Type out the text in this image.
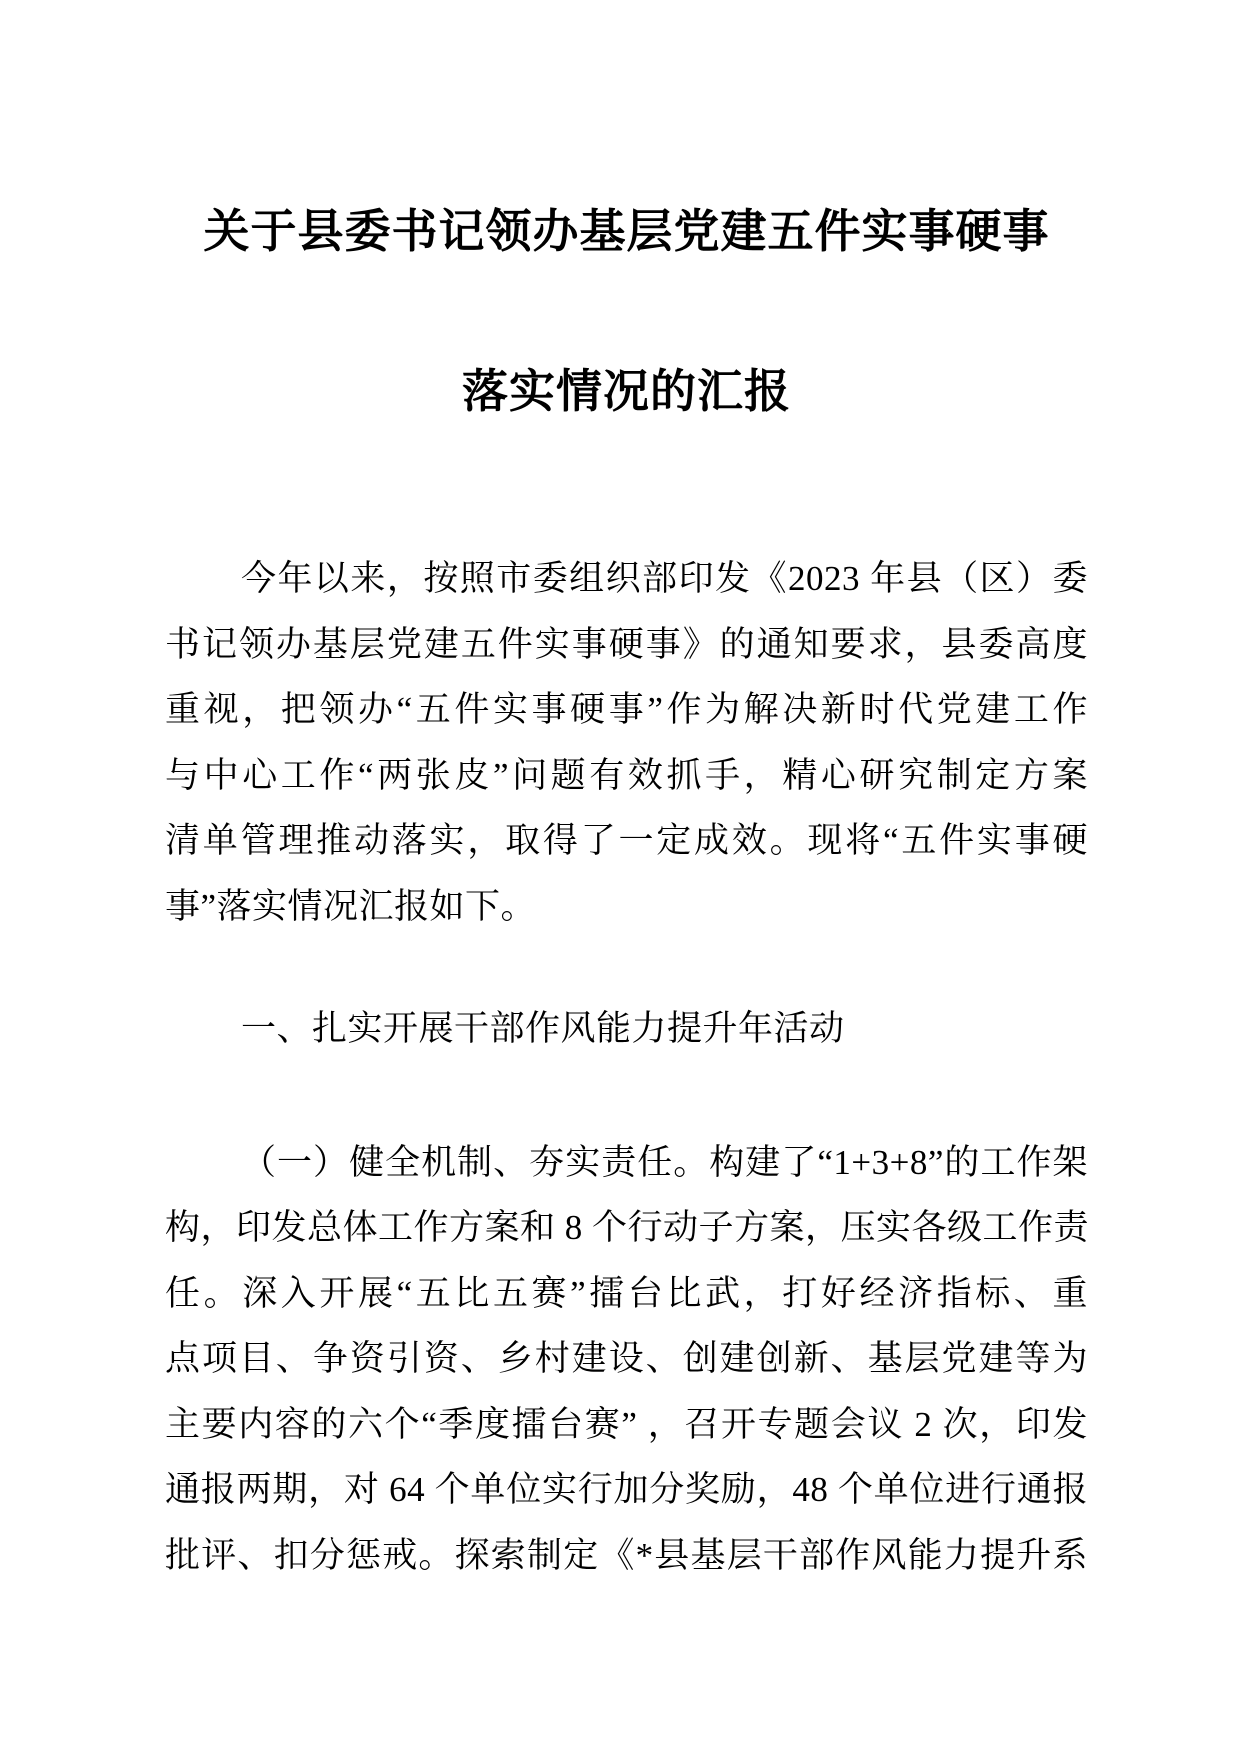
关于县委书记领办基层党建五件实事硬事
落实情况的汇报
今年以来，按照市委组织部印发《2023 年县（区）委
书记领办基层党建五件实事硬事》的通知要求，县委高度
重视，把领办“五件实事硬事”作为解决新时代党建工作
与中心工作“两张皮”问题有效抓手，精心研究制定方案
清单管理推动落实，取得了一定成效。现将“五件实事硬
事”落实情况汇报如下。
一、扎实开展干部作风能力提升年活动
（一）健全机制、夯实责任。构建了“1+3+8”的工作架
构，印发总体工作方案和 8 个行动子方案，压实各级工作责
任。深入开展“五比五赛”擂台比武，打好经济指标、重
点项目、争资引资、乡村建设、创建创新、基层党建等为
主要内容的六个“季度擂台赛” ，召开专题会议 2 次，印发
通报两期，对 64 个单位实行加分奖励，48 个单位进行通报
批评、扣分惩戒。探索制定《*县基层干部作风能力提升系
